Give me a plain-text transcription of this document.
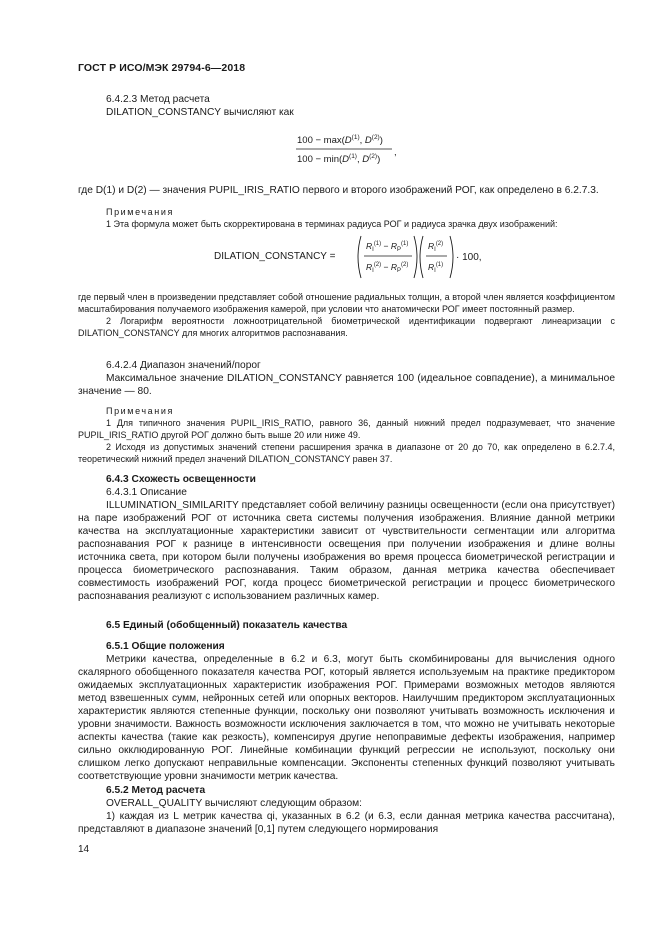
ГОСТ Р ИСО/МЭК 29794-6—2018

6.4.2.3 Метод расчета

DILATION_CONSTANCY вычисляют как

$100 - \max(D^{(1)}$, $D^{(2)}$)
$100 - \min(D^{(1)}$, $D^{(2)}$)
,

где D(1) и D(2) — значения PUPIL_IRIS_RATIO первого и второго изображений РОГ, как определено в 6.2.7.3.

Примечания

1 Эта формула может быть скорректирована в терминах радиуса РОГ и радиуса зрачка двух изображений:

DILATION_CONSTANCY =
$R_I^{(1)} - R_P^{(1)}$
$R_I^{(2)} - R_P^{(2)}$
$R_I^{(2)}$
$R_I^{(1)}$
· 100,

где первый член в произведении представляет собой отношение радиальных толщин, а второй член является коэффициентом масштабирования получаемого изображения камерой, при условии что анатомически РОГ имеет постоянный размер.

2 Логарифм вероятности ложноотрицательной биометрической идентификации подвергают линеаризации с DILATION_CONSTANCY для многих алгоритмов распознавания.

6.4.2.4 Диапазон значений/порог

Максимальное значение DILATION_CONSTANCY равняется 100 (идеальное совпадение), а минимальное значение — 80.

Примечания

1 Для типичного значения PUPIL_IRIS_RATIO, равного 36, данный нижний предел подразумевает, что значение PUPIL_IRIS_RATIO другой РОГ должно быть выше 20 или ниже 49.

2 Исходя из допустимых значений степени расширения зрачка в диапазоне от 20 до 70, как определено в 6.2.7.4, теоретический нижний предел значений DILATION_CONSTANCY равен 37.

6.4.3 Схожесть освещенности

6.4.3.1 Описание

ILLUMINATION_SIMILARITY представляет собой величину разницы освещенности (если она присутствует) на паре изображений РОГ от источника света системы получения изображения. Влияние данной метрики качества на эксплуатационные характеристики зависит от чувствительности сегментации или алгоритма распознавания РОГ к разнице в интенсивности освещения при получении изображения и длине волны источника света, при котором были получены изображения во время процесса биометрической регистрации и процесса биометрического распознавания. Таким образом, данная метрика качества обеспечивает совместимость изображений РОГ, когда процесс биометрической регистрации и процесс биометрического распознавания реализуют с использованием различных камер.

6.5 Единый (обобщенный) показатель качества

6.5.1 Общие положения

Метрики качества, определенные в 6.2 и 6.3, могут быть скомбинированы для вычисления одного скалярного обобщенного показателя качества РОГ, который является используемым на практике предиктором ожидаемых эксплуатационных характеристик изображения РОГ. Примерами возможных методов являются метод взвешенных сумм, нейронных сетей или опорных векторов. Наилучшим предиктором эксплуатационных характеристик являются степенные функции, поскольку они позволяют учитывать возможность исключения и уровни значимости. Важность возможности исключения заключается в том, что можно не учитывать некоторые аспекты качества (такие как резкость), компенсируя другие непоправимые дефекты изображения, например сильно окклюдированную РОГ. Линейные комбинации функций регрессии не используют, поскольку они слишком легко допускают неправильные компенсации. Экспоненты степенных функций позволяют учитывать соответствующие уровни значимости метрик качества.

6.5.2 Метод расчета

OVERALL_QUALITY вычисляют следующим образом:

1) каждая из L метрик качества qi, указанных в 6.2 (и 6.3, если данная метрика качества рассчитана), представляют в диапазоне значений [0,1] путем следующего нормирования

14
